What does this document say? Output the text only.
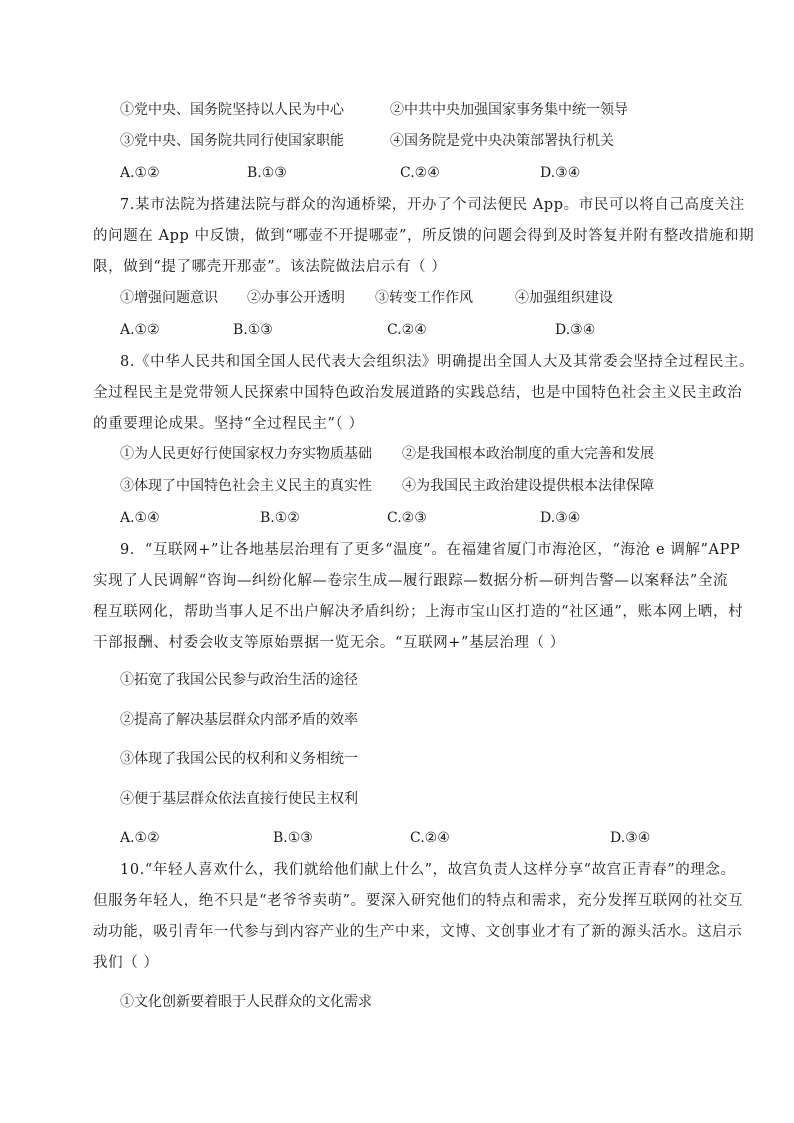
①党中央、国务院坚持以人民为中心	②中共中央加强国家事务集中统一领导
③党中央、国务院共同行使国家职能	④国务院是党中央决策部署执行机关
A.①②	B.①③	C.②④	D.③④
7.某市法院为搭建法院与群众的沟通桥梁，开办了个司法便民 App。市民可以将自己高度关注
的问题在 App 中反馈，做到“哪壶不开提哪壶”，所反馈的问题会得到及时答复并附有整改措施和期
限，做到“提了哪壳开那壶”。该法院做法启示有（ ）
①增强问题意识 ②办事公开透明 ③转变工作作风	④加强组织建设
A.①②	B.①③	C.②④	D.③④
8.《中华人民共和国全国人民代表大会组织法》明确提出全国人大及其常委会坚持全过程民主。
全过程民主是党带领人民探索中国特色政治发展道路的实践总结，也是中国特色社会主义民主政治
的重要理论成果。坚持“全过程民主”（ ）
①为人民更好行使国家权力夯实物质基础 ②是我国根本政治制度的重大完善和发展
③体现了中国特色社会主义民主的真实性 ④为我国民主政治建设提供根本法律保障
A.①④	B.①②	C.②③	D.③④
9．“互联网+”让各地基层治理有了更多“温度”。在福建省厦门市海沧区，“海沧 e 调解”APP
实现了人民调解“咨询—纠纷化解—卷宗生成—履行跟踪—数据分析—研判告警—以案释法”全流
程互联网化，帮助当事人足不出户解决矛盾纠纷；上海市宝山区打造的“社区通”，账本网上晒，村
干部报酬、村委会收支等原始票据一览无余。“互联网+”基层治理（ ）
①拓宽了我国公民参与政治生活的途径
②提高了解决基层群众内部矛盾的效率
③体现了我国公民的权利和义务相统一
④便于基层群众依法直接行使民主权利
A.①②	B.①③	C.②④	D.③④
10.“年轻人喜欢什么，我们就给他们献上什么”，故宫负责人这样分享“故宫正青春”的理念。
但服务年轻人，绝不只是“老爷爷卖萌”。要深入研究他们的特点和需求，充分发挥互联网的社交互
动功能，吸引青年一代参与到内容产业的生产中来，文博、文创事业才有了新的源头活水。这启示
我们（ ）
①文化创新要着眼于人民群众的文化需求
